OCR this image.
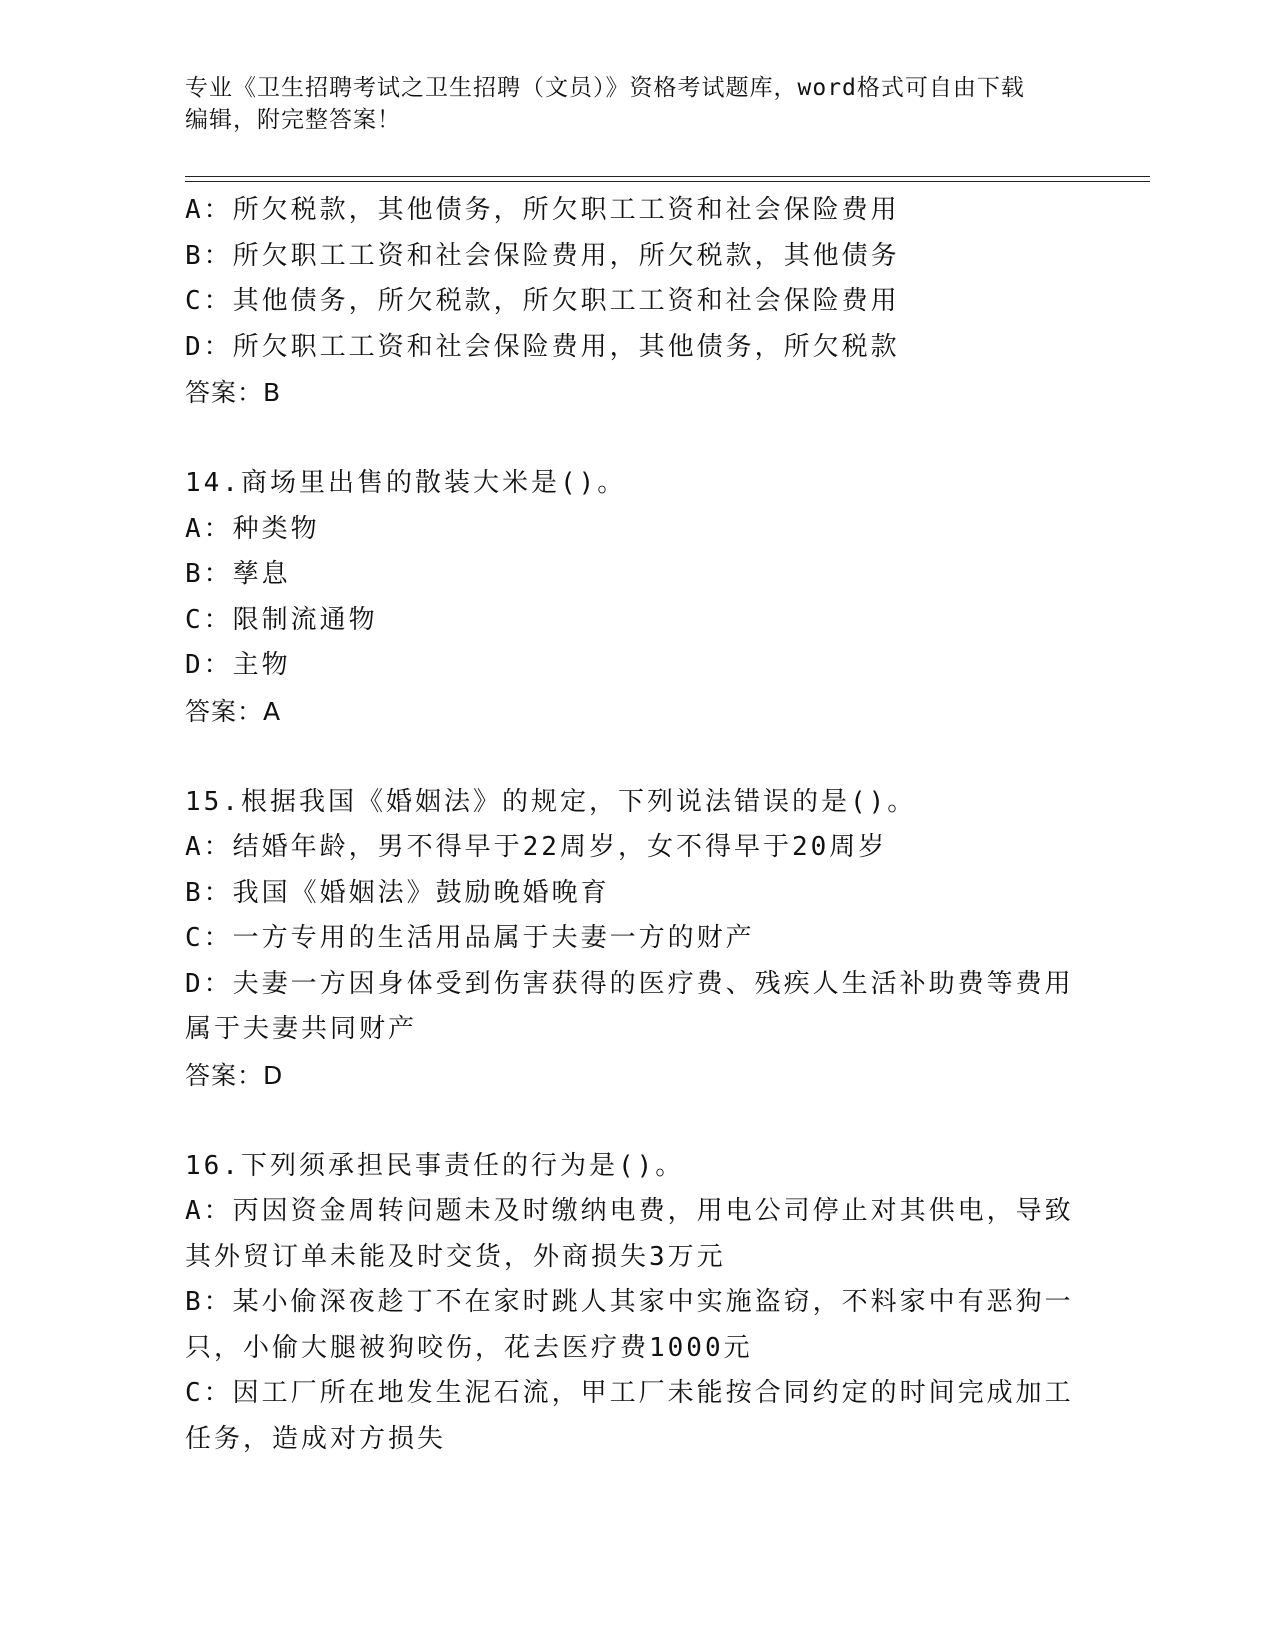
专业《卫生招聘考试之卫生招聘（文员）》资格考试题库，word格式可自由下载
编辑，附完整答案！
A：所欠税款，其他债务，所欠职工工资和社会保险费用
B：所欠职工工资和社会保险费用，所欠税款，其他债务
C：其他债务，所欠税款，所欠职工工资和社会保险费用
D：所欠职工工资和社会保险费用，其他债务，所欠税款
答案：B
14.商场里出售的散装大米是()。
A：种类物
B：孳息
C：限制流通物
D：主物
答案：A
15.根据我国《婚姻法》的规定，下列说法错误的是()。
A：结婚年龄，男不得早于22周岁，女不得早于20周岁
B：我国《婚姻法》鼓励晚婚晚育
C：一方专用的生活用品属于夫妻一方的财产
D：夫妻一方因身体受到伤害获得的医疗费、残疾人生活补助费等费用
属于夫妻共同财产
答案：D
16.下列须承担民事责任的行为是()。
A：丙因资金周转问题未及时缴纳电费，用电公司停止对其供电，导致
其外贸订单未能及时交货，外商损失3万元
B：某小偷深夜趁丁不在家时跳人其家中实施盗窃，不料家中有恶狗一
只，小偷大腿被狗咬伤，花去医疗费1000元
C：因工厂所在地发生泥石流，甲工厂未能按合同约定的时间完成加工
任务，造成对方损失
